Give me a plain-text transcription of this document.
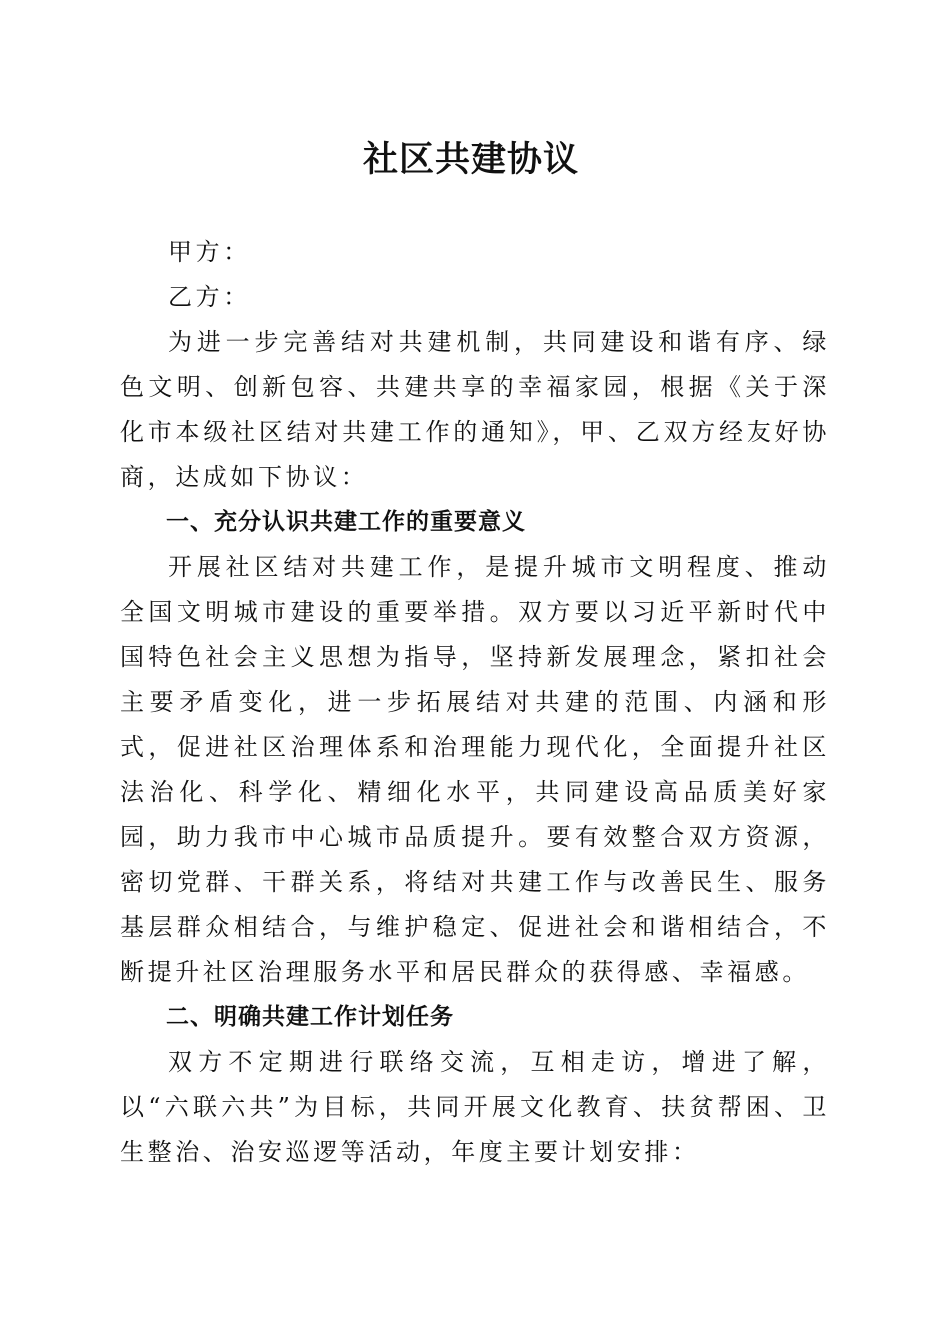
社区共建协议

甲方：

乙方：

为进一步完善结对共建机制，共同建设和谐有序、绿色文明、创新包容、共建共享的幸福家园，根据《关于深化市本级社区结对共建工作的通知》，甲、乙双方经友好协商，达成如下协议：

一、充分认识共建工作的重要意义

开展社区结对共建工作，是提升城市文明程度、推动全国文明城市建设的重要举措。双方要以习近平新时代中国特色社会主义思想为指导，坚持新发展理念，紧扣社会主要矛盾变化，进一步拓展结对共建的范围、内涵和形式，促进社区治理体系和治理能力现代化，全面提升社区法治化、科学化、精细化水平，共同建设高品质美好家园，助力我市中心城市品质提升。要有效整合双方资源，密切党群、干群关系，将结对共建工作与改善民生、服务基层群众相结合，与维护稳定、促进社会和谐相结合，不断提升社区治理服务水平和居民群众的获得感、幸福感。

二、明确共建工作计划任务

双方不定期进行联络交流，互相走访，增进了解，以“六联六共”为目标，共同开展文化教育、扶贫帮困、卫生整治、治安巡逻等活动，年度主要计划安排：
